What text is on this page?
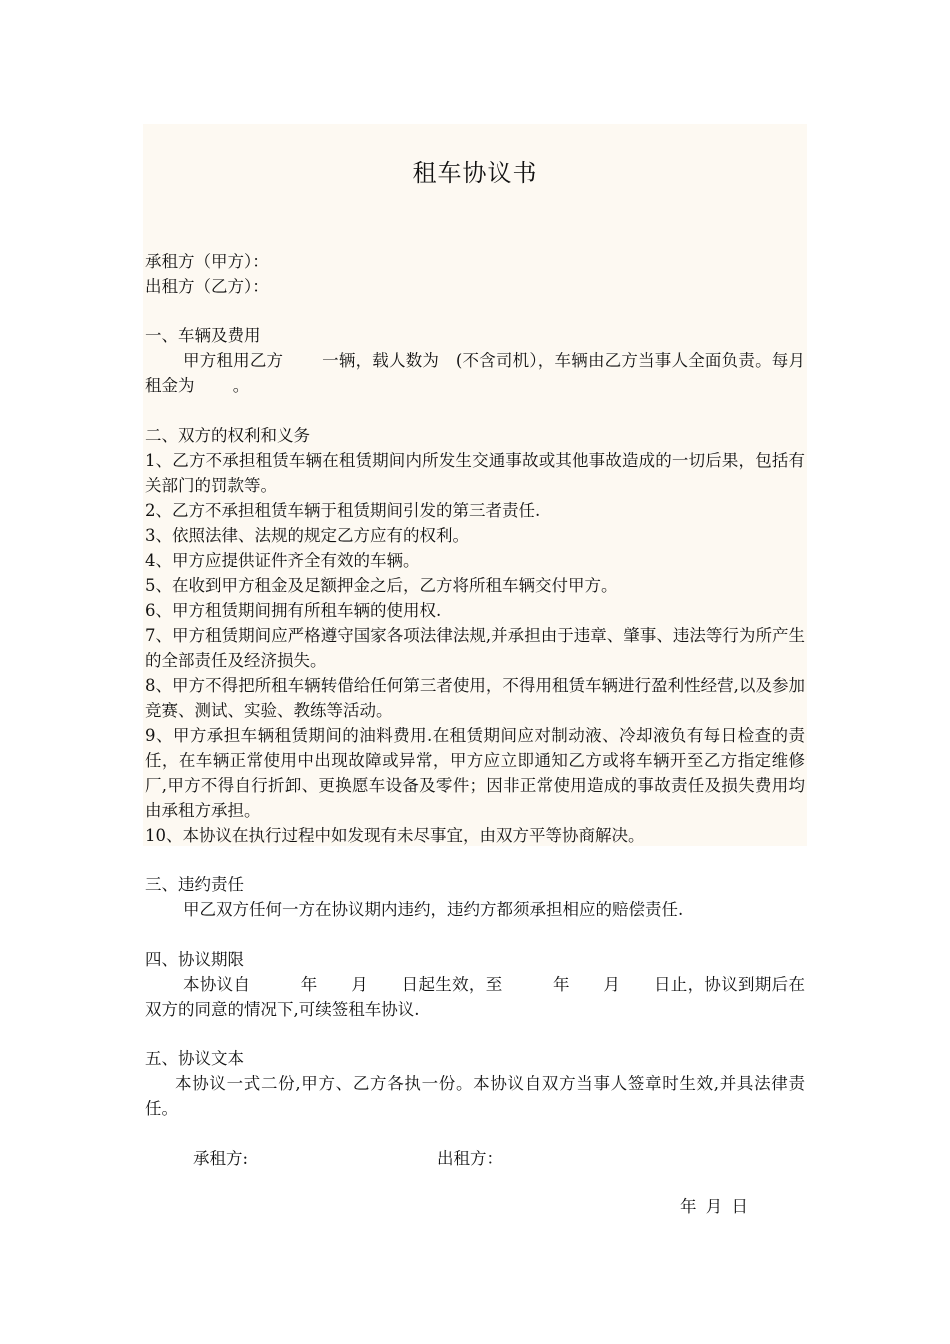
租车协议书
承租方（甲方）：
出租方（乙方）：
一、车辆及费用
甲方租用乙方　　 一辆，载人数为　(不含司机），车辆由乙方当事人全面负责。每月租金为　　 。
二、双方的权利和义务
1、乙方不承担租赁车辆在租赁期间内所发生交通事故或其他事故造成的一切后果，包括有关部门的罚款等。
2、乙方不承担租赁车辆于租赁期间引发的第三者责任.
3、依照法律、法规的规定乙方应有的权利。
4、甲方应提供证件齐全有效的车辆。
5、在收到甲方租金及足额押金之后，乙方将所租车辆交付甲方。
6、甲方租赁期间拥有所租车辆的使用权.
7、甲方租赁期间应严格遵守国家各项法律法规,并承担由于违章、肇事、违法等行为所产生的全部责任及经济损失。
8、甲方不得把所租车辆转借给任何第三者使用，不得用租赁车辆进行盈利性经营,以及参加竞赛、测试、实验、教练等活动。
9、甲方承担车辆租赁期间的油料费用.在租赁期间应对制动液、冷却液负有每日检查的责任，在车辆正常使用中出现故障或异常，甲方应立即通知乙方或将车辆开至乙方指定维修厂,甲方不得自行折卸、更换愿车设备及零件；因非正常使用造成的事故责任及损失费用均由承租方承担。
10、本协议在执行过程中如发现有未尽事宜，由双方平等协商解决。
三、违约责任
甲乙双方任何一方在协议期内违约，违约方都须承担相应的赔偿责任.
四、协议期限
本协议自　　　年　　月　　日起生效，至　　　年　　月　　日止，协议到期后在双方的同意的情况下,可续签租车协议.
五、协议文本
本协议一式二份,甲方、乙方各执一份。本协议自双方当事人签章时生效,并具法律责任。
承租方:	出租方：
年 月 日
